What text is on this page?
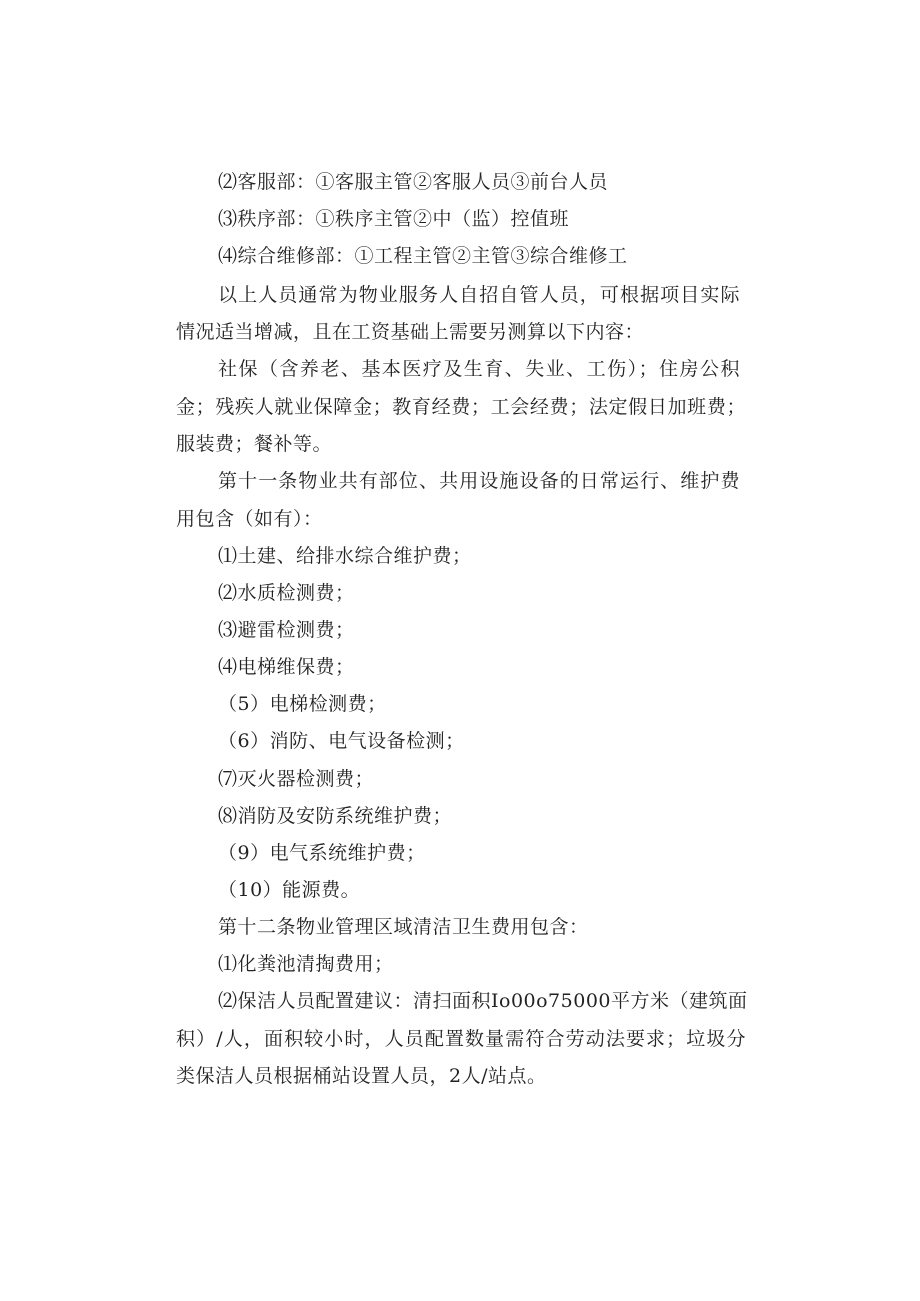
⑵客服部：①客服主管②客服人员③前台人员
⑶秩序部：①秩序主管②中（监）控值班
⑷综合维修部：①工程主管②主管③综合维修工
以上人员通常为物业服务人自招自管人员，可根据项目实际
情况适当增减，且在工资基础上需要另测算以下内容：
社保（含养老、基本医疗及生育、失业、工伤）；住房公积
金；残疾人就业保障金；教育经费；工会经费；法定假日加班费；
服装费；餐补等。
第十一条物业共有部位、共用设施设备的日常运行、维护费
用包含（如有）：
⑴土建、给排水综合维护费；
⑵水质检测费；
⑶避雷检测费；
⑷电梯维保费；
（5）电梯检测费；
（6）消防、电气设备检测；
⑺灭火器检测费；
⑻消防及安防系统维护费；
（9）电气系统维护费；
（10）能源费。
第十二条物业管理区域清洁卫生费用包含：
⑴化粪池清掏费用；
⑵保洁人员配置建议：清扫面积Io00o75000平方米（建筑面
积）/人，面积较小时，人员配置数量需符合劳动法要求；垃圾分
类保洁人员根据桶站设置人员，2人/站点。
